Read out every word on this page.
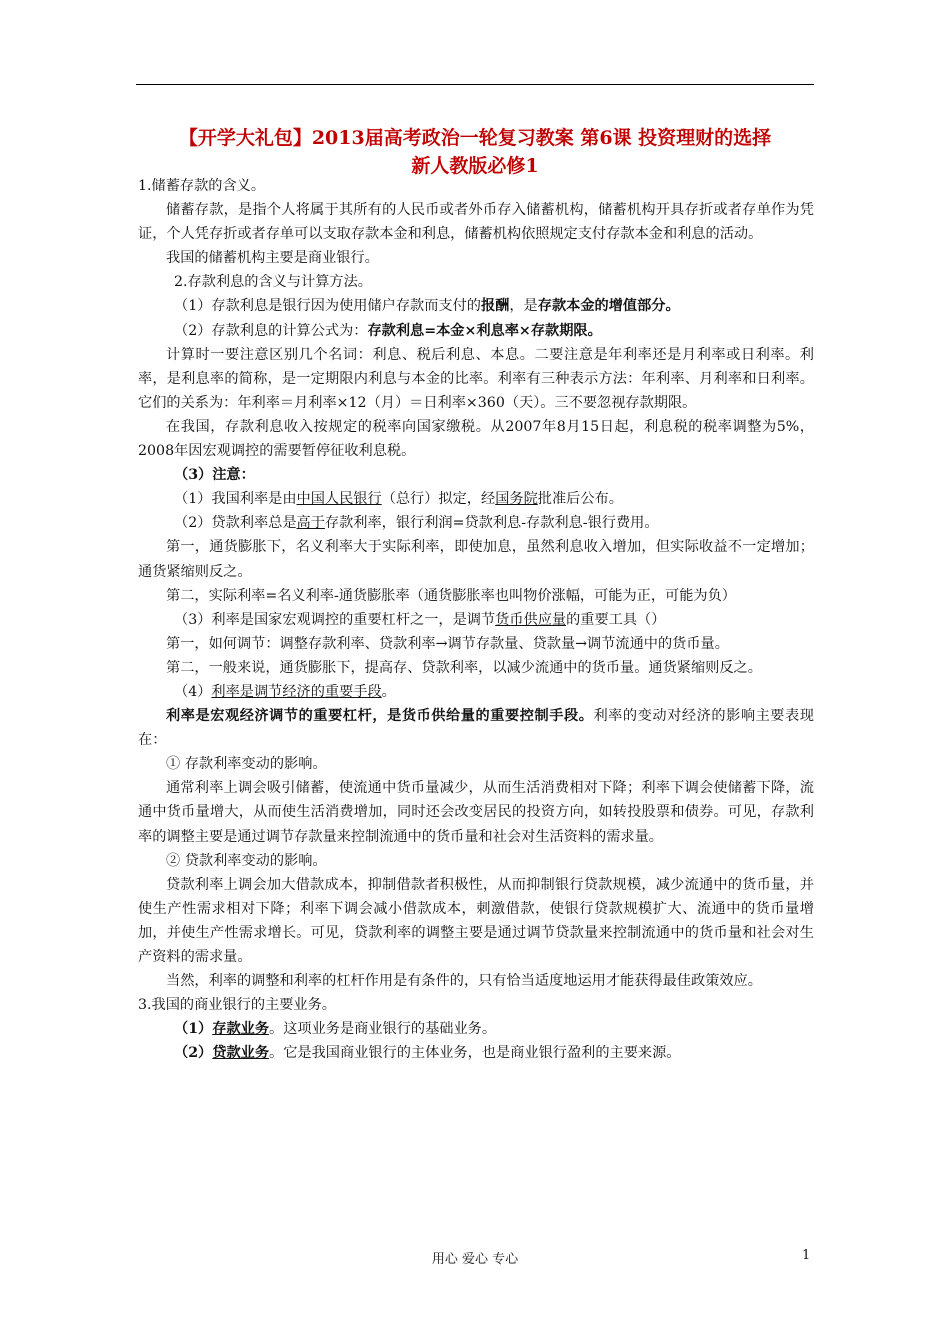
【开学大礼包】2013届高考政治一轮复习教案 第6课 投资理财的选择
新人教版必修1

1.储蓄存款的含义。

储蓄存款，是指个人将属于其所有的人民币或者外币存入储蓄机构，储蓄机构开具存折或者存单作为凭证，个人凭存折或者存单可以支取存款本金和利息，储蓄机构依照规定支付存款本金和利息的活动。

我国的储蓄机构主要是商业银行。

2.存款利息的含义与计算方法。

（1）存款利息是银行因为使用储户存款而支付的报酬，是存款本金的增值部分。

（2）存款利息的计算公式为：存款利息=本金×利息率×存款期限。

计算时一要注意区别几个名词：利息、税后利息、本息。二要注意是年利率还是月利率或日利率。利率，是利息率的简称，是一定期限内利息与本金的比率。利率有三种表示方法：年利率、月利率和日利率。它们的关系为：年利率＝月利率×12（月）＝日利率×360（天）。三不要忽视存款期限。

在我国，存款利息收入按规定的税率向国家缴税。从2007年8月15日起，利息税的税率调整为5%，2008年因宏观调控的需要暂停征收利息税。

（3）注意：

（1）我国利率是由中国人民银行（总行）拟定，经国务院批准后公布。

（2）贷款利率总是高于存款利率，银行利润=贷款利息-存款利息-银行费用。

第一，通货膨胀下，名义利率大于实际利率，即使加息，虽然利息收入增加，但实际收益不一定增加；通货紧缩则反之。

第二，实际利率=名义利率-通货膨胀率（通货膨胀率也叫物价涨幅，可能为正，可能为负）

（3）利率是国家宏观调控的重要杠杆之一，是调节货币供应量的重要工具（）

第一，如何调节：调整存款利率、贷款利率→调节存款量、贷款量→调节流通中的货币量。

第二，一般来说，通货膨胀下，提高存、贷款利率，以减少流通中的货币量。通货紧缩则反之。

（4）利率是调节经济的重要手段。

利率是宏观经济调节的重要杠杆，是货币供给量的重要控制手段。利率的变动对经济的影响主要表现在：

① 存款利率变动的影响。

通常利率上调会吸引储蓄，使流通中货币量减少，从而生活消费相对下降；利率下调会使储蓄下降，流通中货币量增大，从而使生活消费增加，同时还会改变居民的投资方向，如转投股票和债券。可见，存款利率的调整主要是通过调节存款量来控制流通中的货币量和社会对生活资料的需求量。

② 贷款利率变动的影响。

贷款利率上调会加大借款成本，抑制借款者积极性，从而抑制银行贷款规模，减少流通中的货币量，并使生产性需求相对下降；利率下调会减小借款成本，刺激借款，使银行贷款规模扩大、流通中的货币量增加，并使生产性需求增长。可见，贷款利率的调整主要是通过调节贷款量来控制流通中的货币量和社会对生产资料的需求量。

当然，利率的调整和利率的杠杆作用是有条件的，只有恰当适度地运用才能获得最佳政策效应。

3.我国的商业银行的主要业务。

（1）存款业务。这项业务是商业银行的基础业务。

（2）贷款业务。它是我国商业银行的主体业务，也是商业银行盈利的主要来源。

用心 爱心 专心	1
